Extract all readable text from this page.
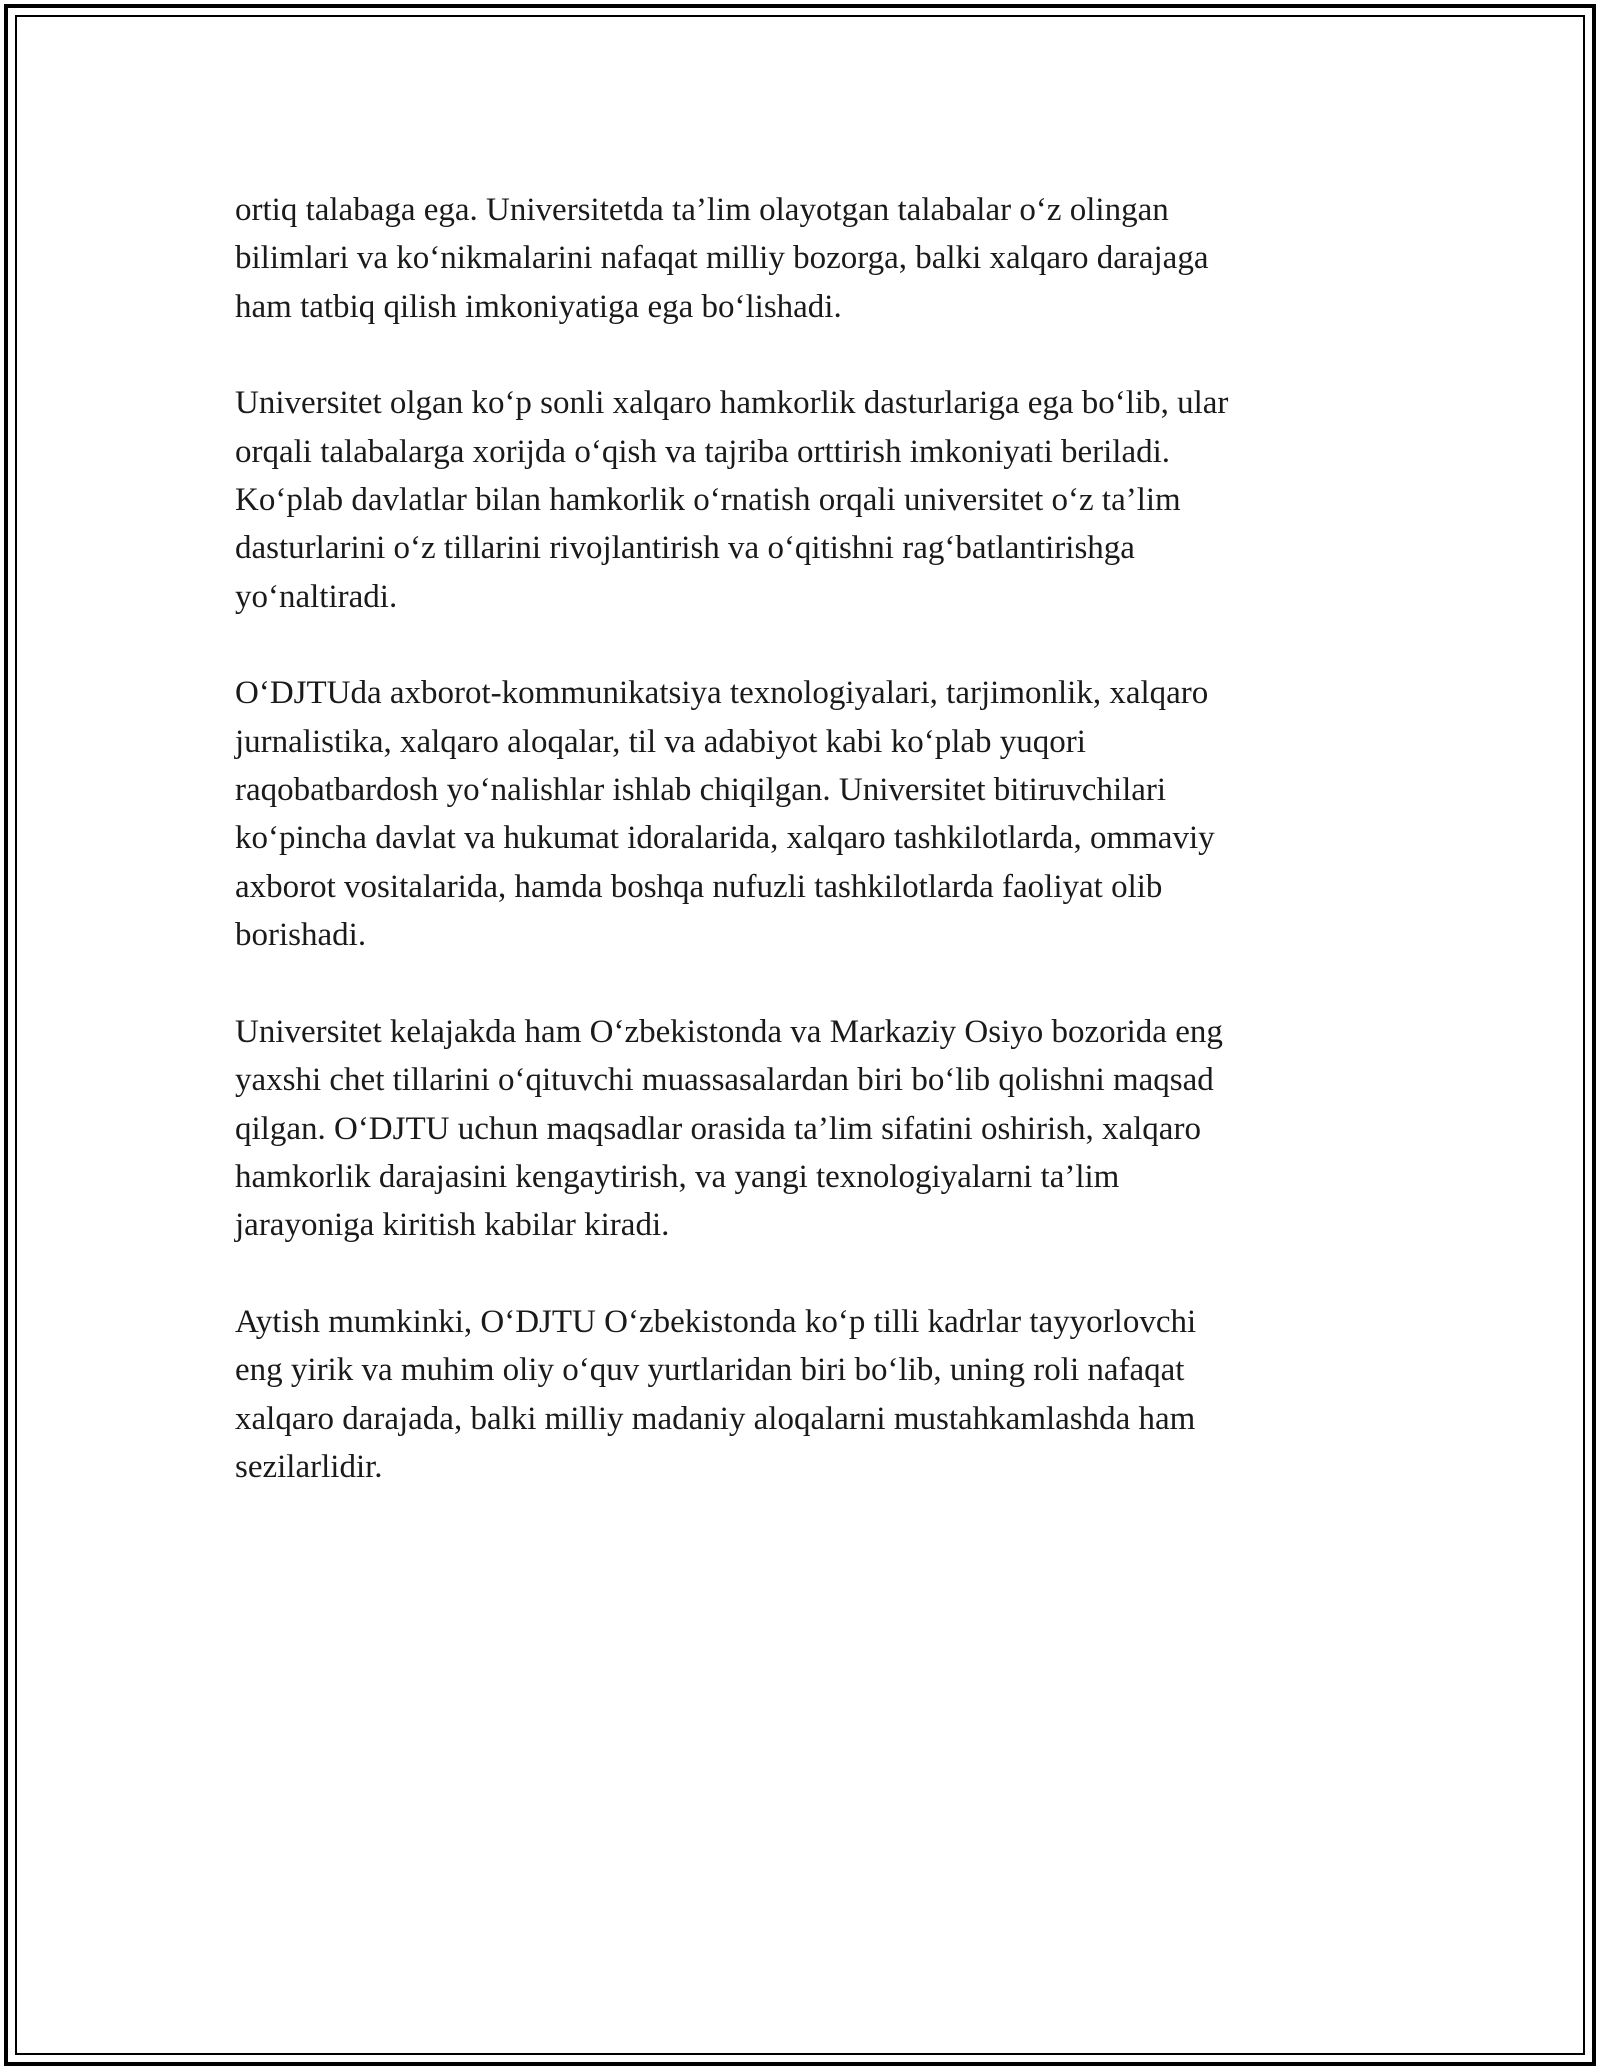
ortiq talabaga ega. Universitetda ta’lim olayotgan talabalar o‘z olingan
bilimlari va ko‘nikmalarini nafaqat milliy bozorga, balki xalqaro darajaga
ham tatbiq qilish imkoniyatiga ega bo‘lishadi.

Universitet olgan ko‘p sonli xalqaro hamkorlik dasturlariga ega bo‘lib, ular
orqali talabalarga xorijda o‘qish va tajriba orttirish imkoniyati beriladi.
Ko‘plab davlatlar bilan hamkorlik o‘rnatish orqali universitet o‘z ta’lim
dasturlarini o‘z tillarini rivojlantirish va o‘qitishni rag‘batlantirishga
yo‘naltiradi.

O‘DJTUda axborot-kommunikatsiya texnologiyalari, tarjimonlik, xalqaro
jurnalistika, xalqaro aloqalar, til va adabiyot kabi ko‘plab yuqori
raqobatbardosh yo‘nalishlar ishlab chiqilgan. Universitet bitiruvchilari
ko‘pincha davlat va hukumat idoralarida, xalqaro tashkilotlarda, ommaviy
axborot vositalarida, hamda boshqa nufuzli tashkilotlarda faoliyat olib
borishadi.

Universitet kelajakda ham O‘zbekistonda va Markaziy Osiyo bozorida eng
yaxshi chet tillarini o‘qituvchi muassasalardan biri bo‘lib qolishni maqsad
qilgan. O‘DJTU uchun maqsadlar orasida ta’lim sifatini oshirish, xalqaro
hamkorlik darajasini kengaytirish, va yangi texnologiyalarni ta’lim
jarayoniga kiritish kabilar kiradi.

Aytish mumkinki, O‘DJTU O‘zbekistonda ko‘p tilli kadrlar tayyorlovchi
eng yirik va muhim oliy o‘quv yurtlaridan biri bo‘lib, uning roli nafaqat
xalqaro darajada, balki milliy madaniy aloqalarni mustahkamlashda ham
sezilarlidir.
